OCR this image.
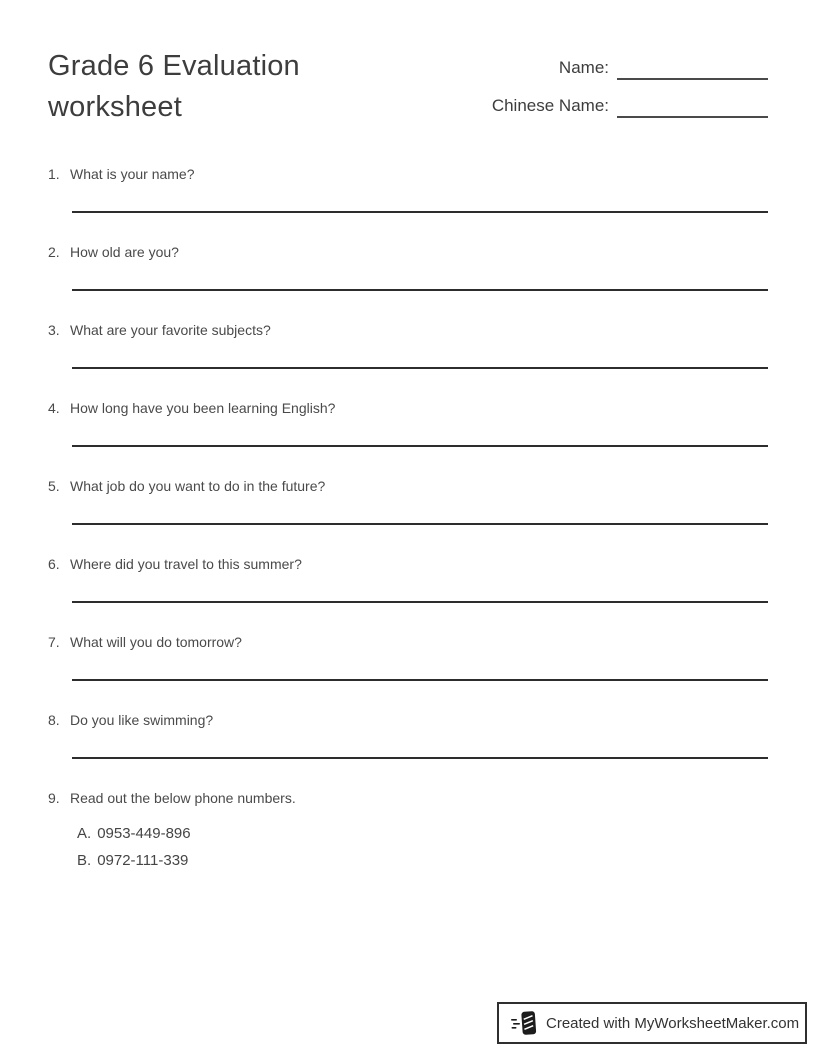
Grade 6 Evaluation worksheet
Name:
Chinese Name:
1. What is your name?
2. How old are you?
3. What are your favorite subjects?
4. How long have you been learning English?
5. What job do you want to do in the future?
6. Where did you travel to this summer?
7. What will you do tomorrow?
8. Do you like swimming?
9. Read out the below phone numbers.
A. 0953-449-896
B. 0972-111-339
Created with MyWorksheetMaker.com
